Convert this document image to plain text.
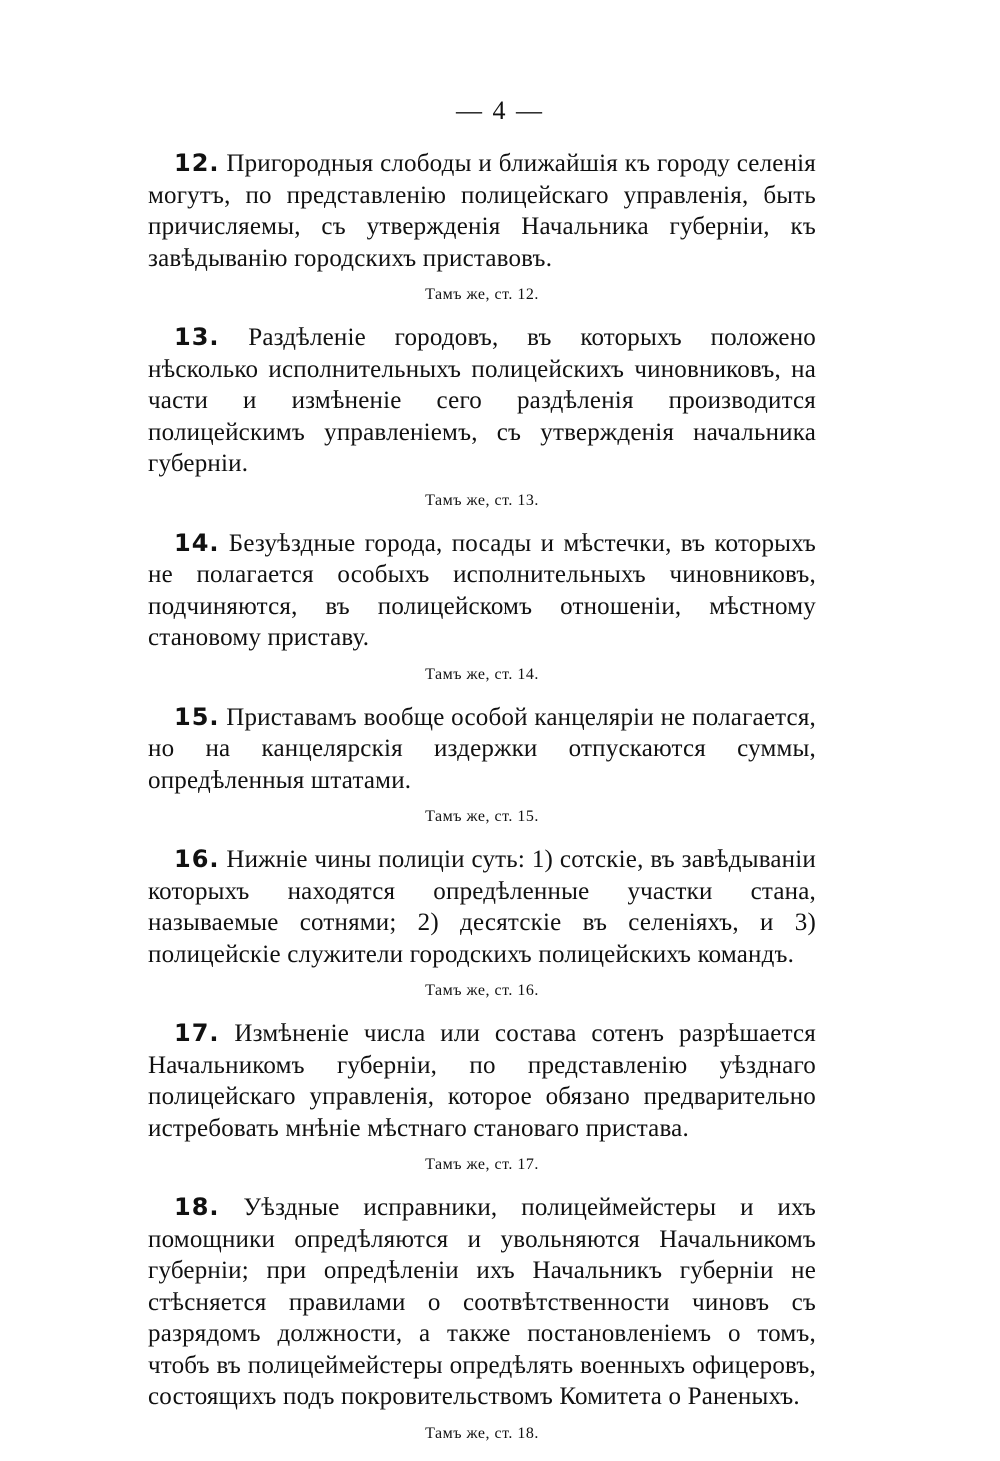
— 4 —

12. Пригородныя слободы и ближайшія къ городу селенія могутъ, по представленію полицейскаго управленія, быть причисляемы, съ утвержденія Начальника губерніи, къ завѣдыванію городскихъ приставовъ.

Тамъ же, ст. 12.

13. Раздѣленіе городовъ, въ которыхъ положено нѣсколько исполнительныхъ полицейскихъ чиновниковъ, на части и измѣненіе сего раздѣленія производится полицейскимъ управленіемъ, съ утвержденія начальника губерніи.

Тамъ же, ст. 13.

14. Безуѣздные города, посады и мѣстечки, въ которыхъ не полагается особыхъ исполнительныхъ чиновниковъ, подчиняются, въ полицейскомъ отношеніи, мѣстному становому приставу.

Тамъ же, ст. 14.

15. Приставамъ вообще особой канцеляріи не полагается, но на канцелярскія издержки отпускаются суммы, опредѣленныя штатами.

Тамъ же, ст. 15.

16. Нижніе чины полиціи суть: 1) сотскіе, въ завѣдываніи которыхъ находятся опредѣленные участки стана, называемые сотнями; 2) десятскіе въ селеніяхъ, и 3) полицейскіе служители городскихъ полицейскихъ командъ.

Тамъ же, ст. 16.

17. Измѣненіе числа или состава сотенъ разрѣшается Начальникомъ губерніи, по представленію уѣзднаго полицейскаго управленія, которое обязано предварительно истребовать мнѣніе мѣстнаго становаго пристава.

Тамъ же, ст. 17.

18. Уѣздные исправники, полицеймейстеры и ихъ помощники опредѣляются и увольняются Начальникомъ губерніи; при опредѣленіи ихъ Начальникъ губерніи не стѣсняется правилами о соотвѣтственности чиновъ съ разрядомъ должности, а также постановленіемъ о томъ, чтобъ въ полицеймейстеры опредѣлять военныхъ офицеровъ, состоящихъ подъ покровительствомъ Комитета о Раненыхъ.

Тамъ же, ст. 18.
